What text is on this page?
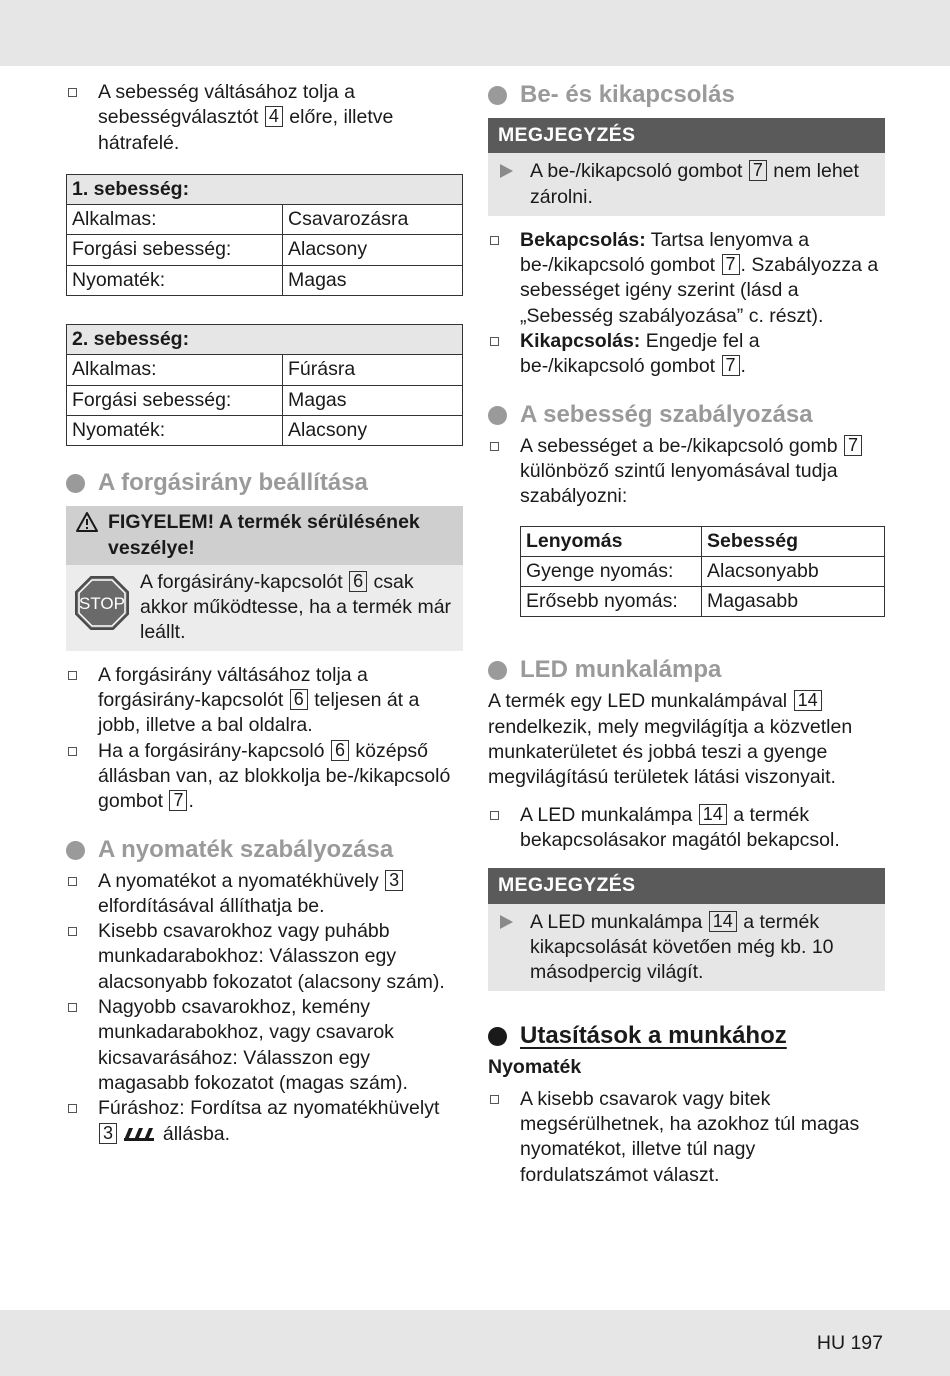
A sebesség váltásához tolja a sebességválasztót 4 előre, illetve hátrafelé.
1. sebesség:	
Alkalmas:	Csavarozásra
Forgási sebesség:	Alacsony
Nyomaték:	Magas
2. sebesség:	
Alkalmas:	Fúrásra
Forgási sebesség:	Magas
Nyomaték:	Alacsony
A forgásirány beállítása
FIGYELEM! A termék sérülésének veszélye!
STOP
A forgásirány-kapcsolót 6 csak akkor működtesse, ha a termék már leállt.
A forgásirány váltásához tolja a forgásirány-kapcsolót 6 teljesen át a jobb, illetve a bal oldalra.
Ha a forgásirány-kapcsoló 6 középső állásban van, az blokkolja be-/kikapcsoló gombot 7 .
A nyomaték szabályozása
A nyomatékot a nyomatékhüvely 3 elfordításával állíthatja be.
Kisebb csavarokhoz vagy puhább munkadarabokhoz: Válasszon egy alacsonyabb fokozatot (alacsony szám).
Nagyobb csavarokhoz, kemény munkadarabokhoz, vagy csavarok kicsavarásához: Válasszon egy magasabb fokozatot (magas szám).
Fúráshoz: Fordítsa az nyomatékhüvelyt 3  állásba.
Be- és kikapcsolás
MEGJEGYZÉS
A be-/kikapcsoló gombot 7 nem lehet zárolni.
Bekapcsolás: Tartsa lenyomva a be-/kikapcsoló gombot 7 . Szabályozza a sebességet igény szerint (lásd a „Sebesség szabályozása” c. részt).
Kikapcsolás: Engedje fel a be-/kikapcsoló gombot 7 .
A sebesség szabályozása
A sebességet a be-/kikapcsoló gomb 7 különböző szintű lenyomásával tudja szabályozni:
Lenyomás	Sebesség
Gyenge nyomás:	Alacsonyabb
Erősebb nyomás:	Magasabb
LED munkalámpa
A termék egy LED munkalámpával 14 rendelkezik, mely megvilágítja a közvetlen munkaterületet és jobbá teszi a gyenge megvilágítású területek látási viszonyait.
A LED munkalámpa 14 a termék bekapcsolásakor magától bekapcsol.
MEGJEGYZÉS
A LED munkalámpa 14 a termék kikapcsolását követően még kb. 10 másodpercig világít.
Utasítások a munkához
Nyomaték
A kisebb csavarok vagy bitek megsérülhetnek, ha azokhoz túl magas nyomatékot, illetve túl nagy fordulatszámot választ.
HU 197
